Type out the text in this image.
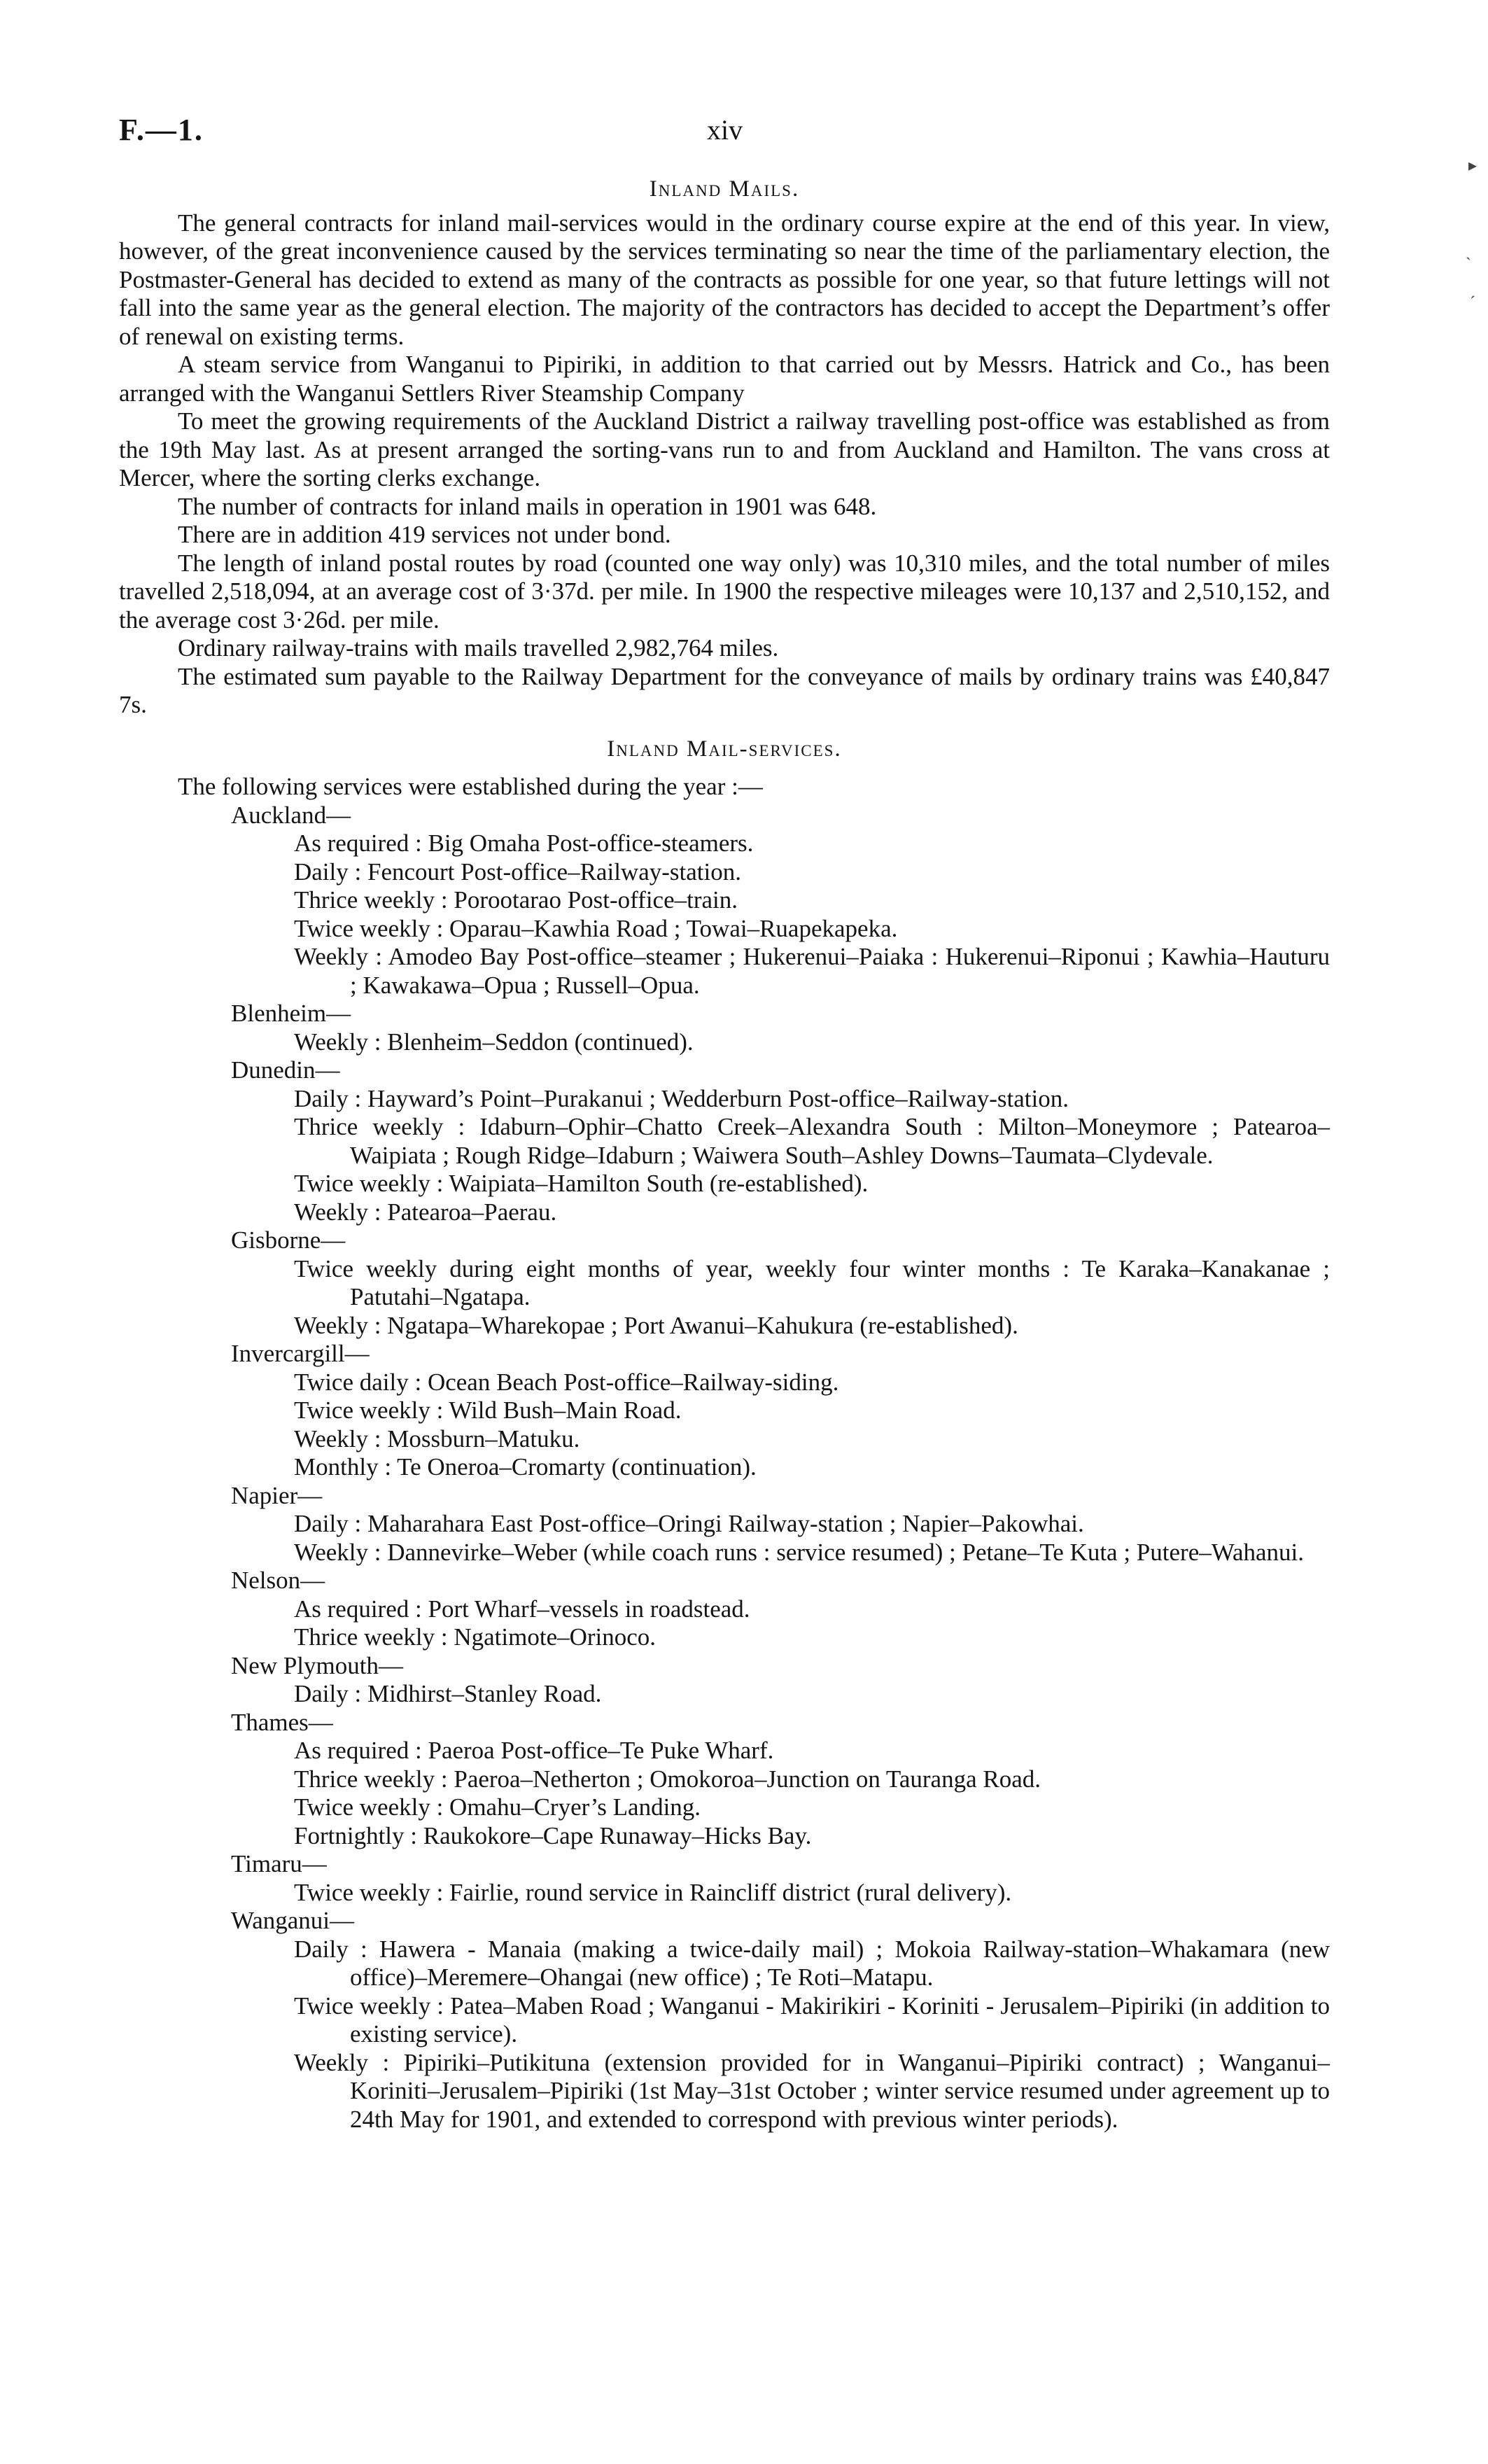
F.—1.	xiv
▸
ˎ
ˊ
Inland Mails.

The general contracts for inland mail-services would in the ordinary course expire at the end of this year. In view, however, of the great inconvenience caused by the services terminating so near the time of the parliamentary election, the Postmaster-General has decided to extend as many of the contracts as possible for one year, so that future lettings will not fall into the same year as the general election. The majority of the contractors has decided to accept the Department’s offer of renewal on existing terms.

A steam service from Wanganui to Pipiriki, in addition to that carried out by Messrs. Hatrick and Co., has been arranged with the Wanganui Settlers River Steamship Company

To meet the growing requirements of the Auckland District a railway travelling post-office was established as from the 19th May last. As at present arranged the sorting-vans run to and from Auckland and Hamilton. The vans cross at Mercer, where the sorting clerks exchange.

The number of contracts for inland mails in operation in 1901 was 648.

There are in addition 419 services not under bond.

The length of inland postal routes by road (counted one way only) was 10,310 miles, and the total number of miles travelled 2,518,094, at an average cost of 3·37d. per mile. In 1900 the respective mileages were 10,137 and 2,510,152, and the average cost 3·26d. per mile.

Ordinary railway-trains with mails travelled 2,982,764 miles.

The estimated sum payable to the Railway Department for the conveyance of mails by ordinary trains was £40,847 7s.

Inland Mail-services.

The following services were established during the year :—

Auckland—
As required : Big Omaha Post-office-steamers.
Daily : Fencourt Post-office–Railway-station.
Thrice weekly : Porootarao Post-office–train.
Twice weekly : Oparau–Kawhia Road ; Towai–Ruapekapeka.
Weekly : Amodeo Bay Post-office–steamer ; Hukerenui–Paiaka : Hukerenui–Riponui ; Kawhia–Hauturu ; Kawakawa–Opua ; Russell–Opua.
Blenheim—
Weekly : Blenheim–Seddon (continued).
Dunedin—
Daily : Hayward’s Point–Purakanui ; Wedderburn Post-office–Railway-station.
Thrice weekly : Idaburn–Ophir–Chatto Creek–Alexandra South : Milton–Moneymore ; Patearoa–Waipiata ; Rough Ridge–Idaburn ; Waiwera South–Ashley Downs–Taumata–Clydevale.
Twice weekly : Waipiata–Hamilton South (re-established).
Weekly : Patearoa–Paerau.
Gisborne—
Twice weekly during eight months of year, weekly four winter months : Te Karaka–Kanakanae ; Patutahi–Ngatapa.
Weekly : Ngatapa–Wharekopae ; Port Awanui–Kahukura (re-established).
Invercargill—
Twice daily : Ocean Beach Post-office–Railway-siding.
Twice weekly : Wild Bush–Main Road.
Weekly : Mossburn–Matuku.
Monthly : Te Oneroa–Cromarty (continuation).
Napier—
Daily : Maharahara East Post-office–Oringi Railway-station ; Napier–Pakowhai.
Weekly : Dannevirke–Weber (while coach runs : service resumed) ; Petane–Te Kuta ; Putere–Wahanui.
Nelson—
As required : Port Wharf–vessels in roadstead.
Thrice weekly : Ngatimote–Orinoco.
New Plymouth—
Daily : Midhirst–Stanley Road.
Thames—
As required : Paeroa Post-office–Te Puke Wharf.
Thrice weekly : Paeroa–Netherton ; Omokoroa–Junction on Tauranga Road.
Twice weekly : Omahu–Cryer’s Landing.
Fortnightly : Raukokore–Cape Runaway–Hicks Bay.
Timaru—
Twice weekly : Fairlie, round service in Raincliff district (rural delivery).
Wanganui—
Daily : Hawera - Manaia (making a twice-daily mail) ; Mokoia Railway-station–Whakamara (new office)–Meremere–Ohangai (new office) ; Te Roti–Matapu.
Twice weekly : Patea–Maben Road ; Wanganui - Makirikiri - Koriniti - Jerusalem–Pipiriki (in addition to existing service).
Weekly : Pipiriki–Putikituna (extension provided for in Wanganui–Pipiriki contract) ; Wanganui–Koriniti–Jerusalem–Pipiriki (1st May–31st October ; winter service resumed under agreement up to 24th May for 1901, and extended to correspond with previous winter periods).
